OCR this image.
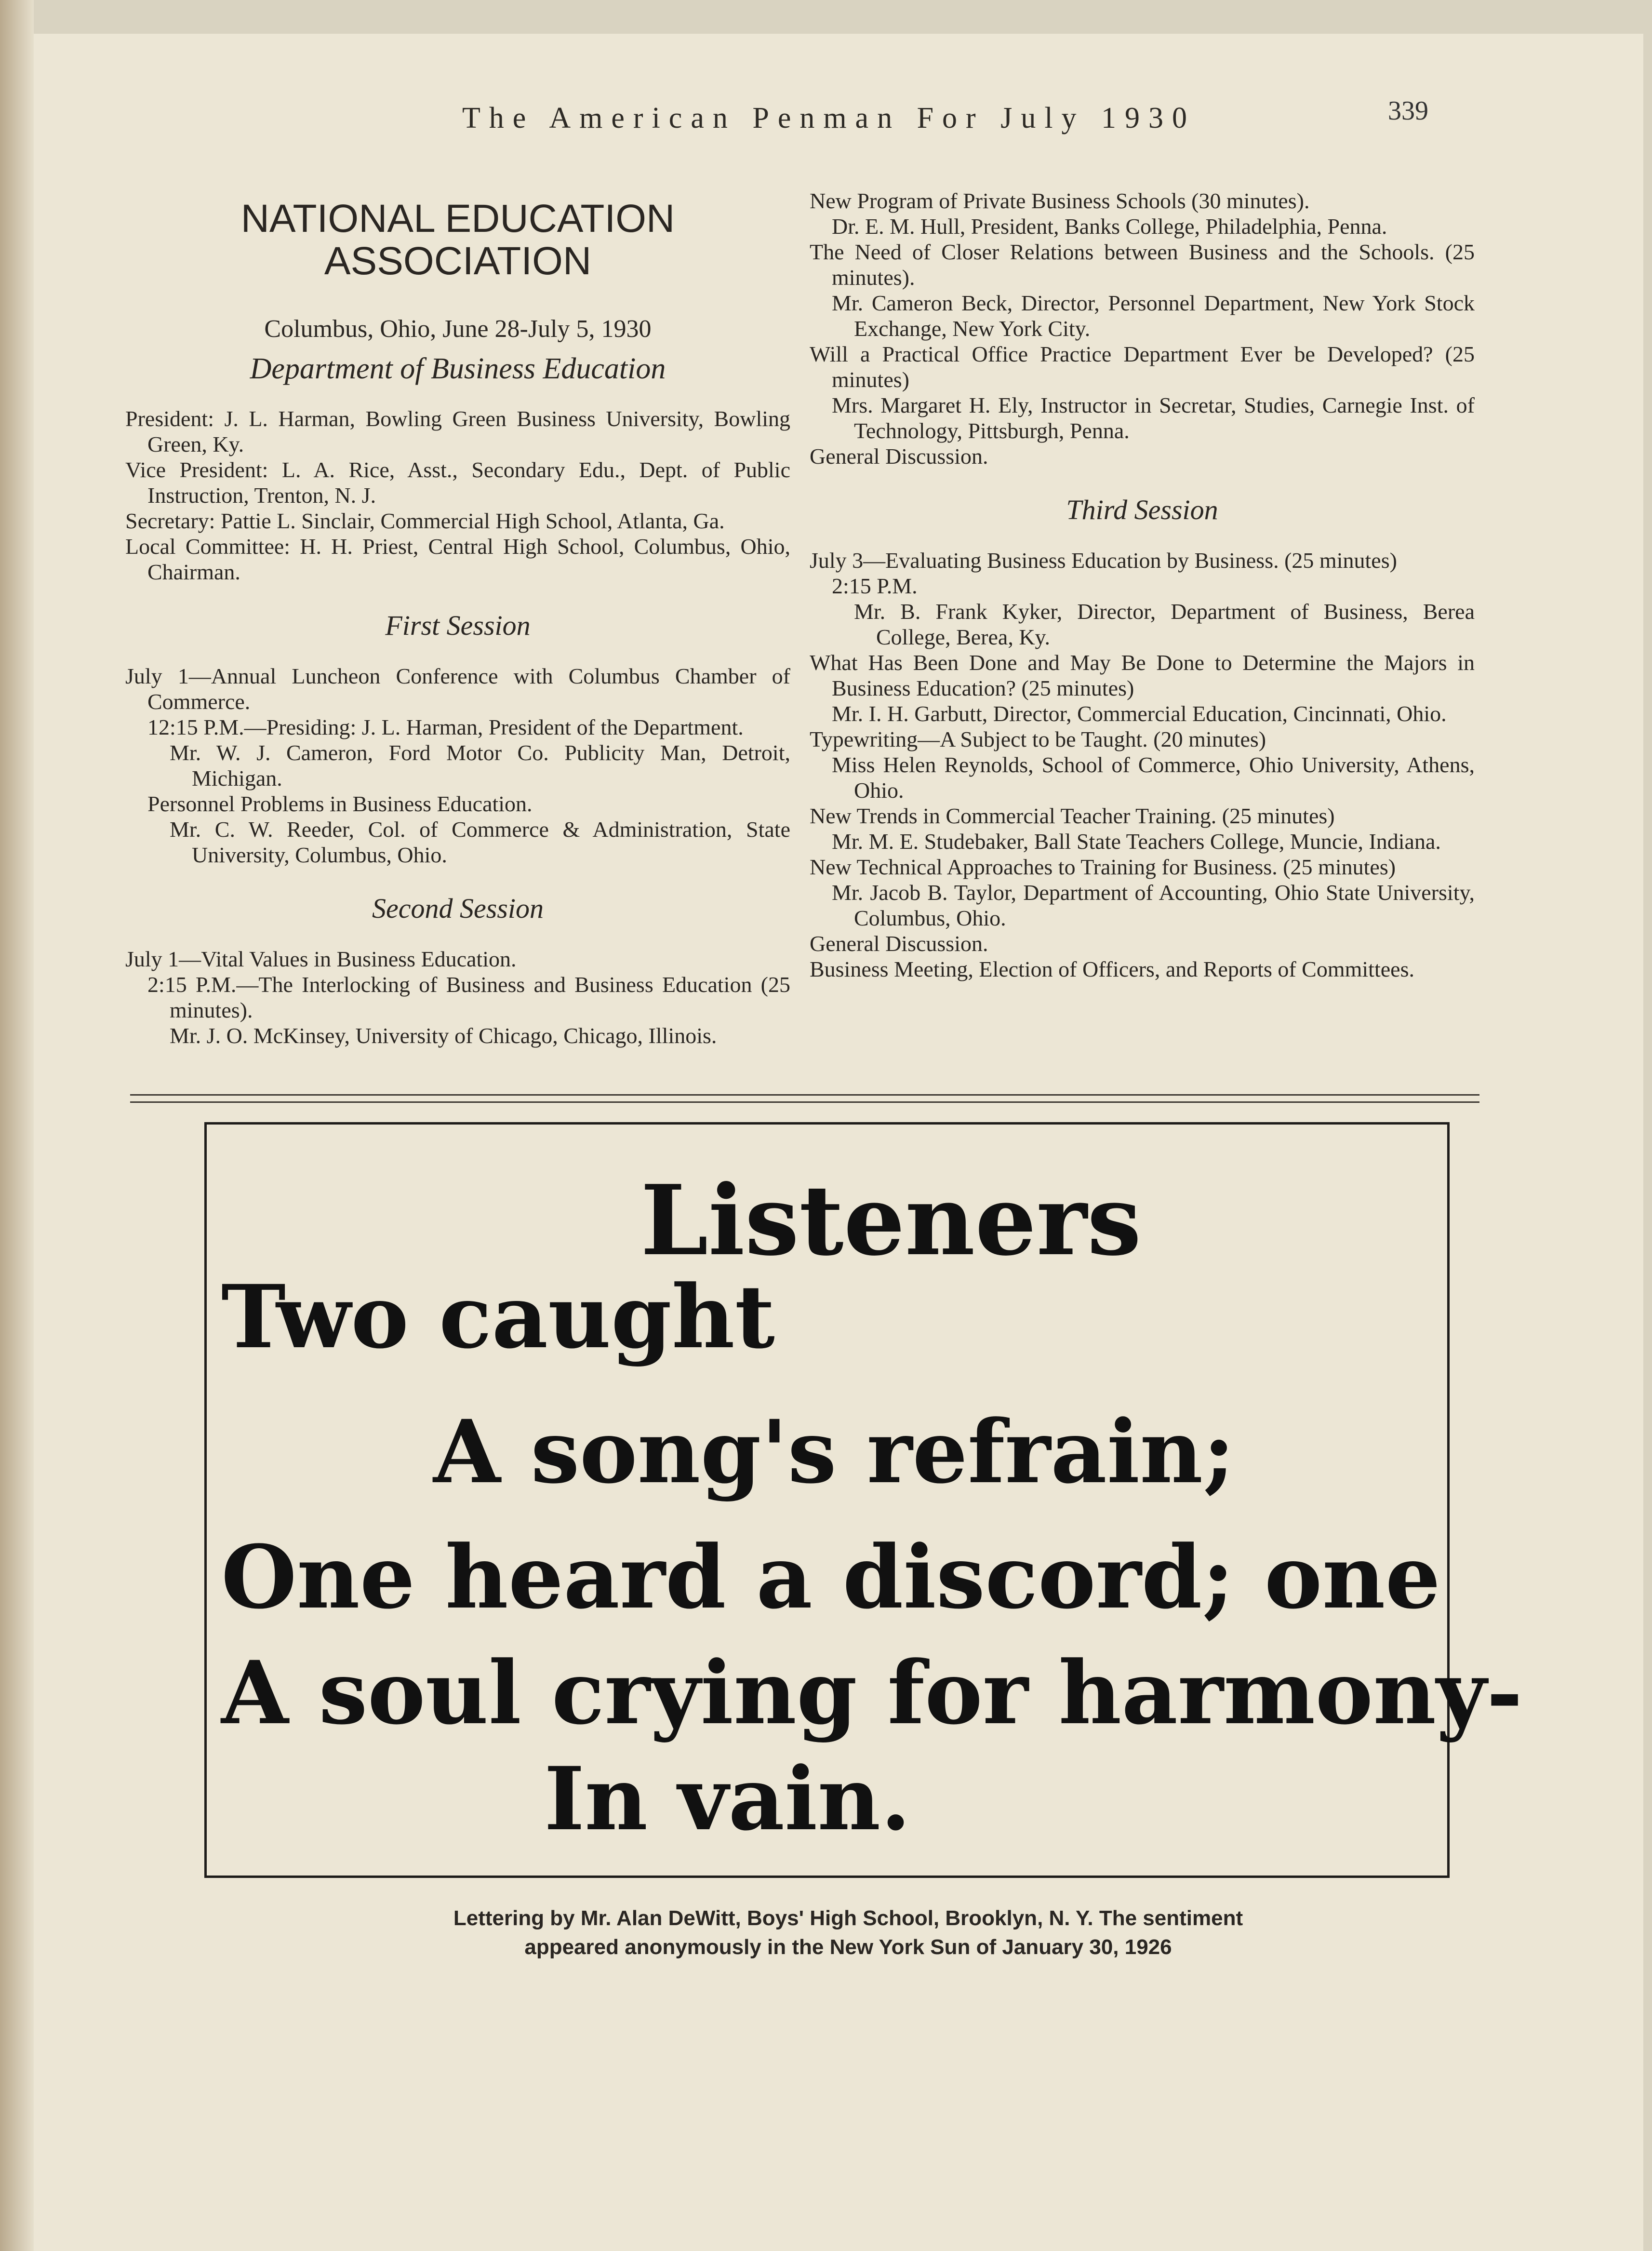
The American Penman For July 1930	339
NATIONAL EDUCATION
ASSOCIATION
Columbus, Ohio, June 28-July 5, 1930
Department of Business Education

President: J. L. Harman, Bowling Green Business University, Bowling Green, Ky.

Vice President: L. A. Rice, Asst., Secondary Edu., Dept. of Public Instruction, Trenton, N. J.

Secretary: Pattie L. Sinclair, Commercial High School, Atlanta, Ga.

Local Committee: H. H. Priest, Central High School, Columbus, Ohio, Chairman.

First Session

July 1—Annual Luncheon Conference with Columbus Chamber of Commerce.

12:15 P.M.—Presiding: J. L. Harman, President of the Department.

Mr. W. J. Cameron, Ford Motor Co. Publicity Man, Detroit, Michigan.

Personnel Problems in Business Education.

Mr. C. W. Reeder, Col. of Commerce & Administration, State University, Columbus, Ohio.

Second Session

July 1—Vital Values in Business Education.

2:15 P.M.—The Interlocking of Business and Business Education (25 minutes).

Mr. J. O. McKinsey, University of Chicago, Chicago, Illinois.

New Program of Private Business Schools (30 minutes).

Dr. E. M. Hull, President, Banks College, Philadelphia, Penna.

The Need of Closer Relations between Business and the Schools. (25 minutes).

Mr. Cameron Beck, Director, Personnel Department, New York Stock Exchange, New York City.

Will a Practical Office Practice Department Ever be Developed? (25 minutes)

Mrs. Margaret H. Ely, Instructor in Secretar, Studies, Carnegie Inst. of Technology, Pittsburgh, Penna.

General Discussion.

Third Session

July 3—Evaluating Business Education by Business. (25 minutes)

2:15 P.M.

Mr. B. Frank Kyker, Director, Department of Business, Berea College, Berea, Ky.

What Has Been Done and May Be Done to Determine the Majors in Business Education? (25 minutes)

Mr. I. H. Garbutt, Director, Commercial Education, Cincinnati, Ohio.

Typewriting—A Subject to be Taught. (20 minutes)

Miss Helen Reynolds, School of Commerce, Ohio University, Athens, Ohio.

New Trends in Commercial Teacher Training. (25 minutes)

Mr. M. E. Studebaker, Ball State Teachers College, Muncie, Indiana.

New Technical Approaches to Training for Business. (25 minutes)

Mr. Jacob B. Taylor, Department of Accounting, Ohio State University, Columbus, Ohio.

General Discussion.

Business Meeting, Election of Officers, and Reports of Committees.

Listeners
Two caught
A song's refrain;
One heard a discord; one
A soul crying for harmony-
In vain.
Lettering by Mr. Alan DeWitt, Boys' High School, Brooklyn, N. Y. The sentiment
appeared anonymously in the New York Sun of January 30, 1926
